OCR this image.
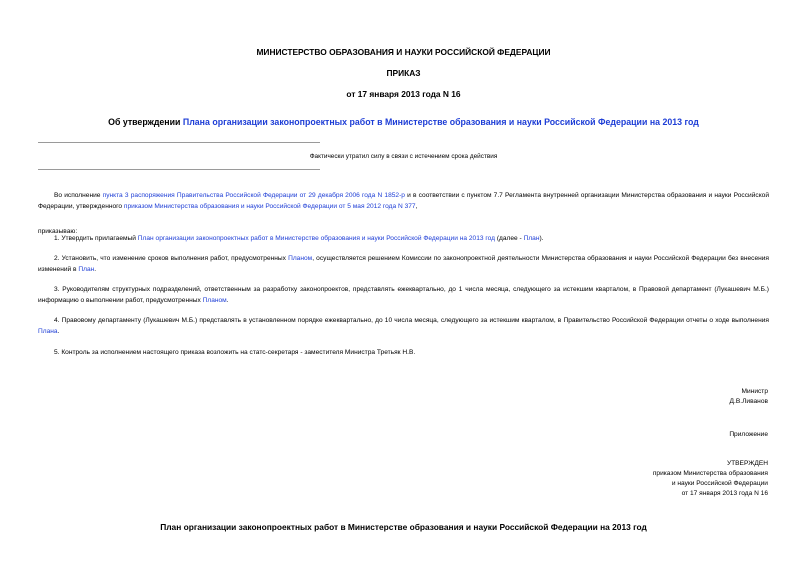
МИНИСТЕРСТВО ОБРАЗОВАНИЯ И НАУКИ РОССИЙСКОЙ ФЕДЕРАЦИИ
ПРИКАЗ
от 17 января 2013 года N 16
Об утверждении Плана организации законопроектных работ в Министерстве образования и науки Российской Федерации на 2013 год
Фактически утратил силу в связи с истечением срока действия
Во исполнение пункта 3 распоряжения Правительства Российской Федерации от 29 декабря 2006 года N 1852-р и в соответствии с пунктом 7.7 Регламента внутренней организации Министерства образования и науки Российской Федерации, утвержденного приказом Министерства образования и науки Российской Федерации от 5 мая 2012 года N 377,
приказываю:
1. Утвердить прилагаемый План организации законопроектных работ в Министерстве образования и науки Российской Федерации на 2013 год (далее - План).
2. Установить, что изменение сроков выполнения работ, предусмотренных Планом, осуществляется решением Комиссии по законопроектной деятельности Министерства образования и науки Российской Федерации без внесения изменений в План.
3. Руководителям структурных подразделений, ответственным за разработку законопроектов, представлять ежеквартально, до 1 числа месяца, следующего за истекшим кварталом, в Правовой департамент (Лукашевич М.Б.) информацию о выполнении работ, предусмотренных Планом.
4. Правовому департаменту (Лукашевич М.Б.) представлять в установленном порядке ежеквартально, до 10 числа месяца, следующего за истекшим кварталом, в Правительство Российской Федерации отчеты о ходе выполнения Плана.
5. Контроль за исполнением настоящего приказа возложить на статс-секретаря - заместителя Министра Третьяк Н.В.
Министр
Д.В.Ливанов
Приложение
УТВЕРЖДЕН
приказом Министерства образования
и науки Российской Федерации
от 17 января 2013 года N 16
План организации законопроектных работ в Министерстве образования и науки Российской Федерации на 2013 год
